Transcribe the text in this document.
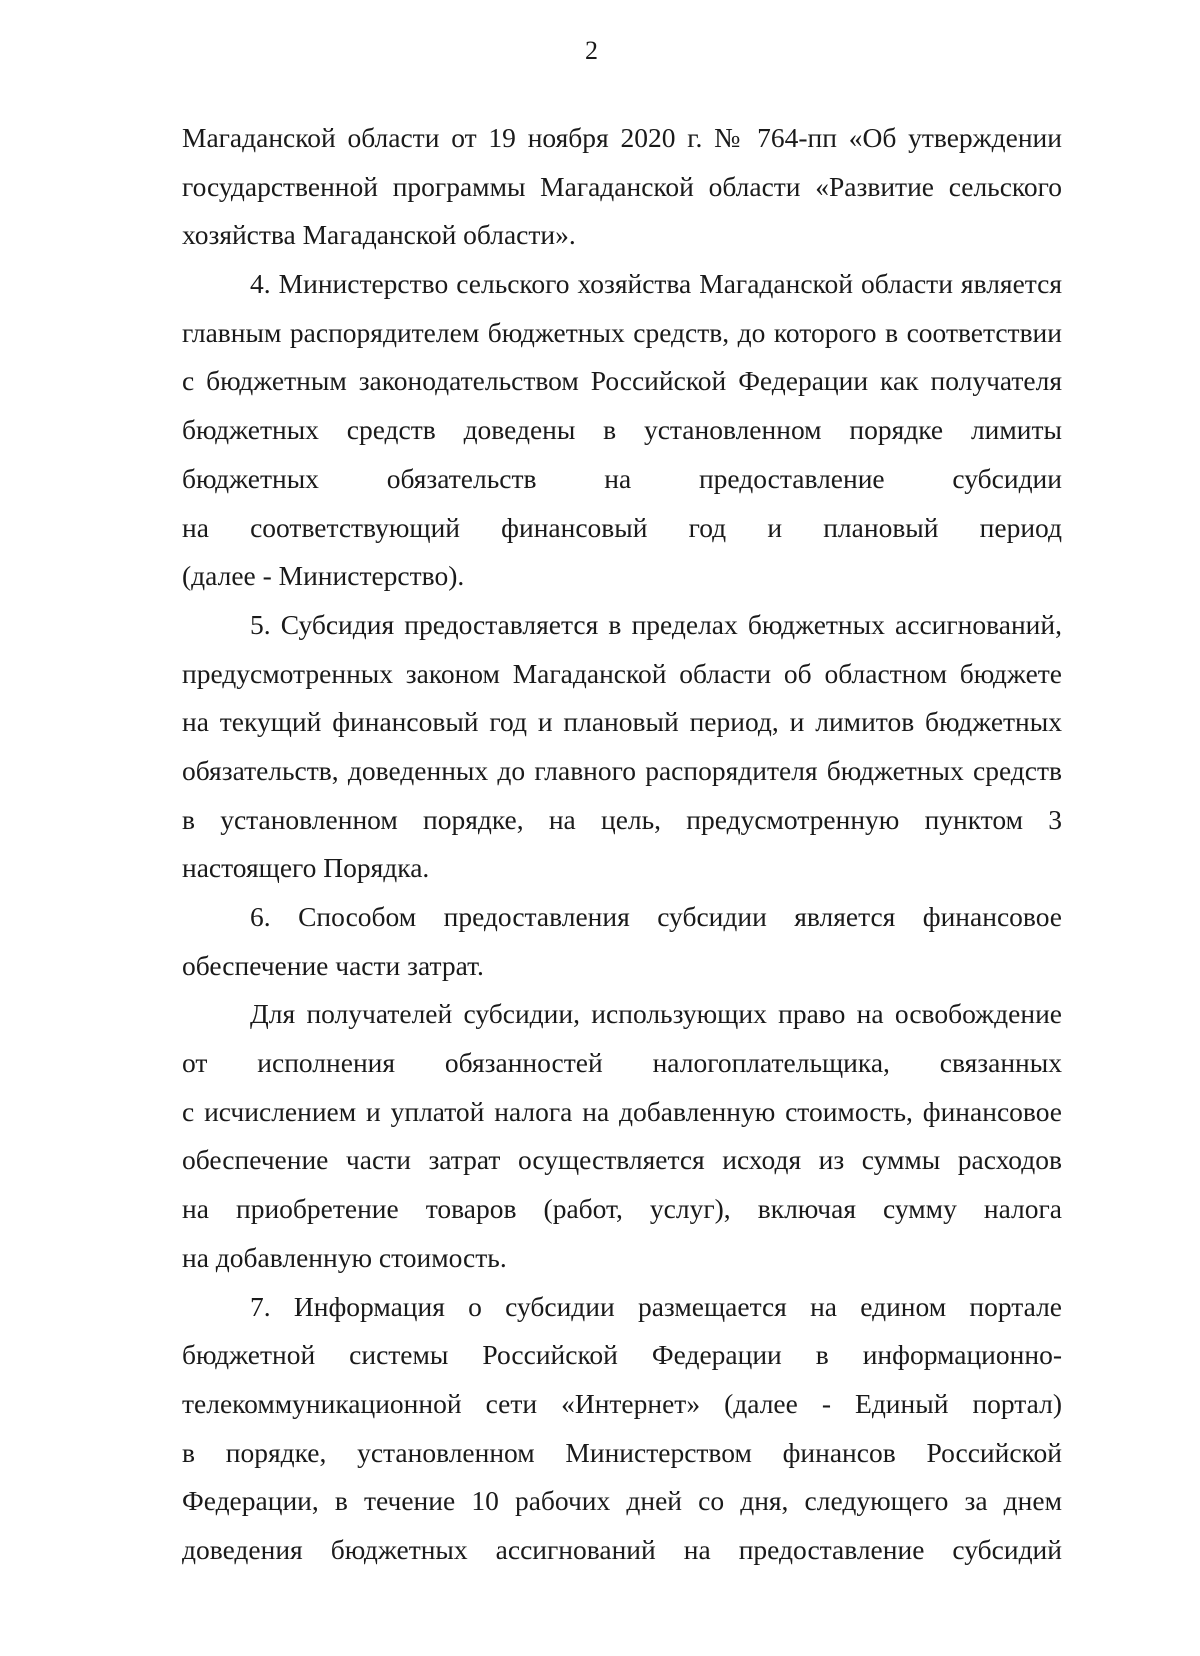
2
Магаданской области от 19 ноября 2020 г. № 764-пп «Об утверждении
государственной программы Магаданской области «Развитие сельского
хозяйства Магаданской области».
4. Министерство сельского хозяйства Магаданской области является
главным распорядителем бюджетных средств, до которого в соответствии
с бюджетным законодательством Российской Федерации как получателя
бюджетных средств доведены в установленном порядке лимиты
бюджетных обязательств на предоставление субсидии
на соответствующий финансовый год и плановый период
(далее - Министерство).
5. Субсидия предоставляется в пределах бюджетных ассигнований,
предусмотренных законом Магаданской области об областном бюджете
на текущий финансовый год и плановый период, и лимитов бюджетных
обязательств, доведенных до главного распорядителя бюджетных средств
в установленном порядке, на цель, предусмотренную пунктом 3
настоящего Порядка.
6. Способом предоставления субсидии является финансовое
обеспечение части затрат.
Для получателей субсидии, использующих право на освобождение
от исполнения обязанностей налогоплательщика, связанных
с исчислением и уплатой налога на добавленную стоимость, финансовое
обеспечение части затрат осуществляется исходя из суммы расходов
на приобретение товаров (работ, услуг), включая сумму налога
на добавленную стоимость.
7. Информация о субсидии размещается на едином портале
бюджетной системы Российской Федерации в информационно-
телекоммуникационной сети «Интернет» (далее - Единый портал)
в порядке, установленном Министерством финансов Российской
Федерации, в течение 10 рабочих дней со дня, следующего за днем
доведения бюджетных ассигнований на предоставление субсидий
